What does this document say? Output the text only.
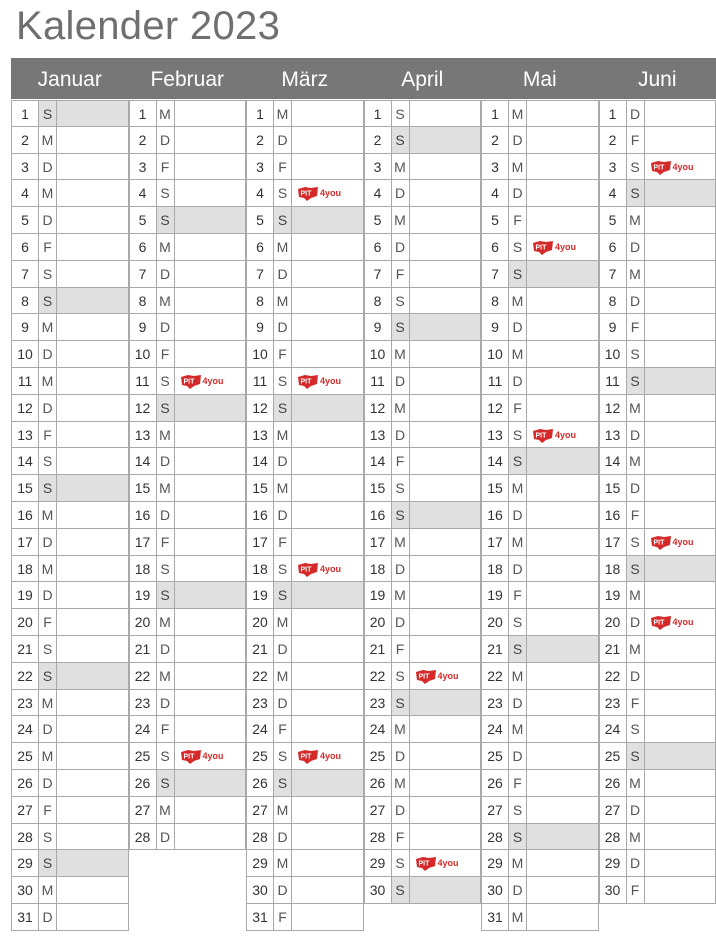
Kalender 2023
Januar	Februar	März	April	Mai	Juni
1 S
2 M
3 D
4 M
5 D
6	F
7 S
8 S
9 M
10 D
11 M
12 D
13 F
14 S
15 S
16 M
17 D
18 M
19 D
20 F
21 S
22 S
23 M
24 D
25 M
26 D
27 F
28 S
29 S
30 M
31 D
1 M
2 D
3	F
4 S
5 S
6 M
7 D
8 M
9 D
10 F
11 S	PIT 4you
12 S
13 M
14 D
15 M
16 D
17 F
18 S
19 S
20 M
21 D
22 M
23 D
24 F
25 S	PIT 4you
26 S
27 M
28 D
1 M
2 D
3	F
4 S	PIT 4you
5 S
6 M
7 D
8 M
9 D
10 F
11 S	PIT 4you
12 S
13 M
14 D
15 M
16 D
17 F
18 S	PIT 4you
19 S
20 M
21 D
22 M
23 D
24 F
25 S	PIT 4you
26 S
27 M
28 D
29 M
30 D
31 F
1 S
2 S
3 M
4 D
5 M
6 D
7	F
8 S
9 S
10 M
11 D
12 M
13 D
14 F
15 S
16 S
17 M
18 D
19 M
20 D
21 F
22 S	PIT 4you
23 S
24 M
25 D
26 M
27 D
28 F
29 S	PIT 4you
30 S
1 M
2 D
3 M
4 D
5	F
6 S	PIT 4you
7 S
8 M
9 D
10 M
11 D
12 F
13 S	PIT 4you
14 S
15 M
16 D
17 M
18 D
19 F
20 S
21 S
22 M
23 D
24 M
25 D
26 F
27 S
28 S
29 M
30 D
31 M
1 D
2	F
3 S	PIT 4you
4 S
5 M
6 D
7 M
8 D
9	F
10 S
11 S
12 M
13 D
14 M
15 D
16 F
17 S	PIT 4you
18 S
19 M
20 D	PIT 4you
21 M
22 D
23 F
24 S
25 S
26 M
27 D
28 M
29 D
30 F
